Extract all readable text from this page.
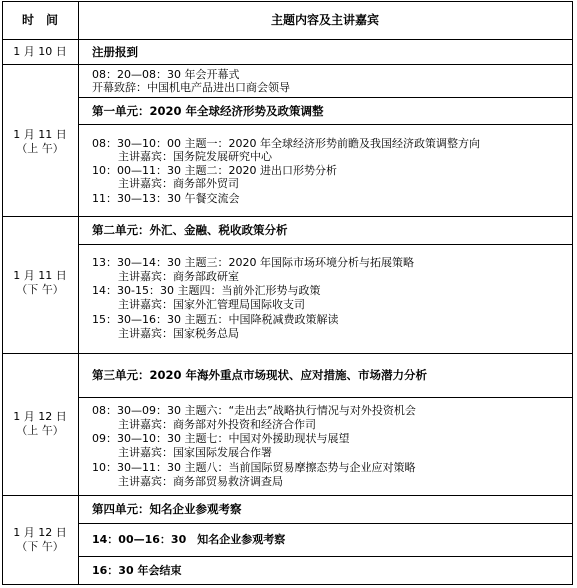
时　间	主题内容及主讲嘉宾
1 月 10 日	注册报到
1 月 11 日
（上 午）
08：20—08：30 年会开幕式
开幕致辞：中国机电产品进出口商会领导
第一单元：2020 年全球经济形势及政策调整
08：30—10：00 主题一：2020 年全球经济形势前瞻及我国经济政策调整方向
主讲嘉宾：国务院发展研究中心
10：00—11：30 主题二：2020 进出口形势分析
主讲嘉宾：商务部外贸司
11：30—13：30 午餐交流会
1 月 11 日
（下 午）
第二单元：外汇、金融、税收政策分析
13：30—14：30 主题三：2020 年国际市场环境分析与拓展策略
主讲嘉宾：商务部政研室
14：30-15：30 主题四：当前外汇形势与政策
主讲嘉宾：国家外汇管理局国际收支司
15：30—16：30 主题五：中国降税减费政策解读
主讲嘉宾：国家税务总局
1 月 12 日
（上 午）
第三单元：2020 年海外重点市场现状、应对措施、市场潜力分析
08：30—09：30 主题六：“走出去”战略执行情况与对外投资机会
主讲嘉宾：商务部对外投资和经济合作司
09：30—10：30 主题七：中国对外援助现状与展望
主讲嘉宾：国家国际发展合作署
10：30—11：30 主题八：当前国际贸易摩擦态势与企业应对策略
主讲嘉宾：商务部贸易救济调查局
1 月 12 日
（下 午）
第四单元：知名企业参观考察
14：00—16：30　知名企业参观考察
16：30 年会结束
